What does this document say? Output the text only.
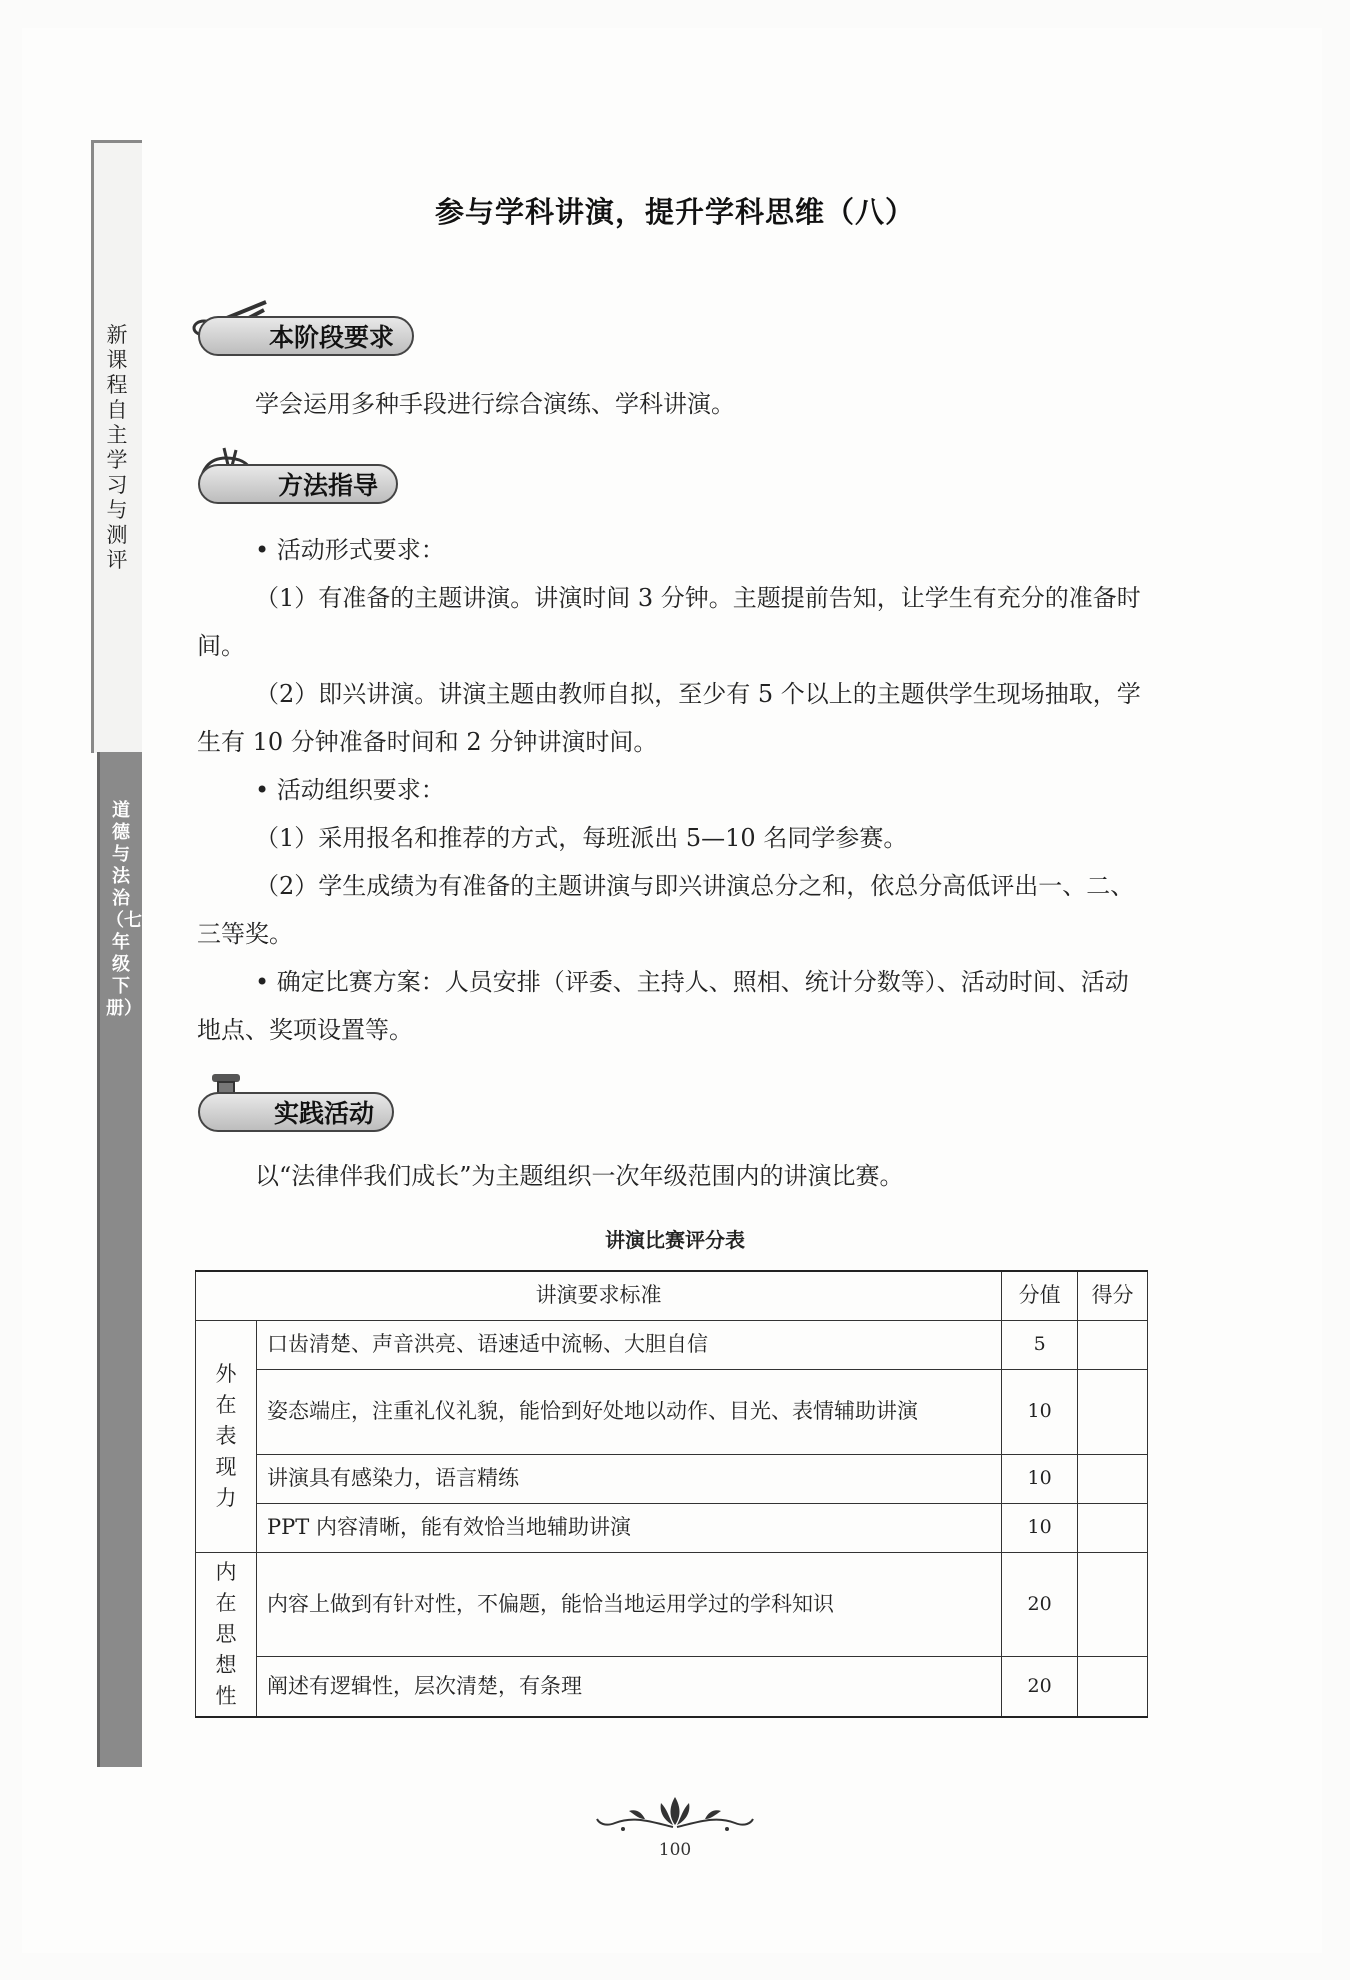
新课程自主学习与测评
道德与法治（七年级下册）
参与学科讲演，提升学科思维（八）
本阶段要求
学会运用多种手段进行综合演练、学科讲演。
方法指导
• 活动形式要求：
（1）有准备的主题讲演。讲演时间 3 分钟。主题提前告知，让学生有充分的准备时间。
（2）即兴讲演。讲演主题由教师自拟，至少有 5 个以上的主题供学生现场抽取，学生有 10 分钟准备时间和 2 分钟讲演时间。
• 活动组织要求：
（1）采用报名和推荐的方式，每班派出 5—10 名同学参赛。
（2）学生成绩为有准备的主题讲演与即兴讲演总分之和，依总分高低评出一、二、三等奖。
• 确定比赛方案：人员安排（评委、主持人、照相、统计分数等）、活动时间、活动地点、奖项设置等。
实践活动
以“法律伴我们成长”为主题组织一次年级范围内的讲演比赛。
讲演比赛评分表
讲演要求标准		分值	得分
外在表现力	口齿清楚、声音洪亮、语速适中流畅、大胆自信	5	
	姿态端庄，注重礼仪礼貌，能恰到好处地以动作、目光、表情辅助讲演	10	
	讲演具有感染力，语言精练	10	
	PPT 内容清晰，能有效恰当地辅助讲演	10	
内在思想性	内容上做到有针对性，不偏题，能恰当地运用学过的学科知识	20	
	阐述有逻辑性，层次清楚，有条理	20	
100
